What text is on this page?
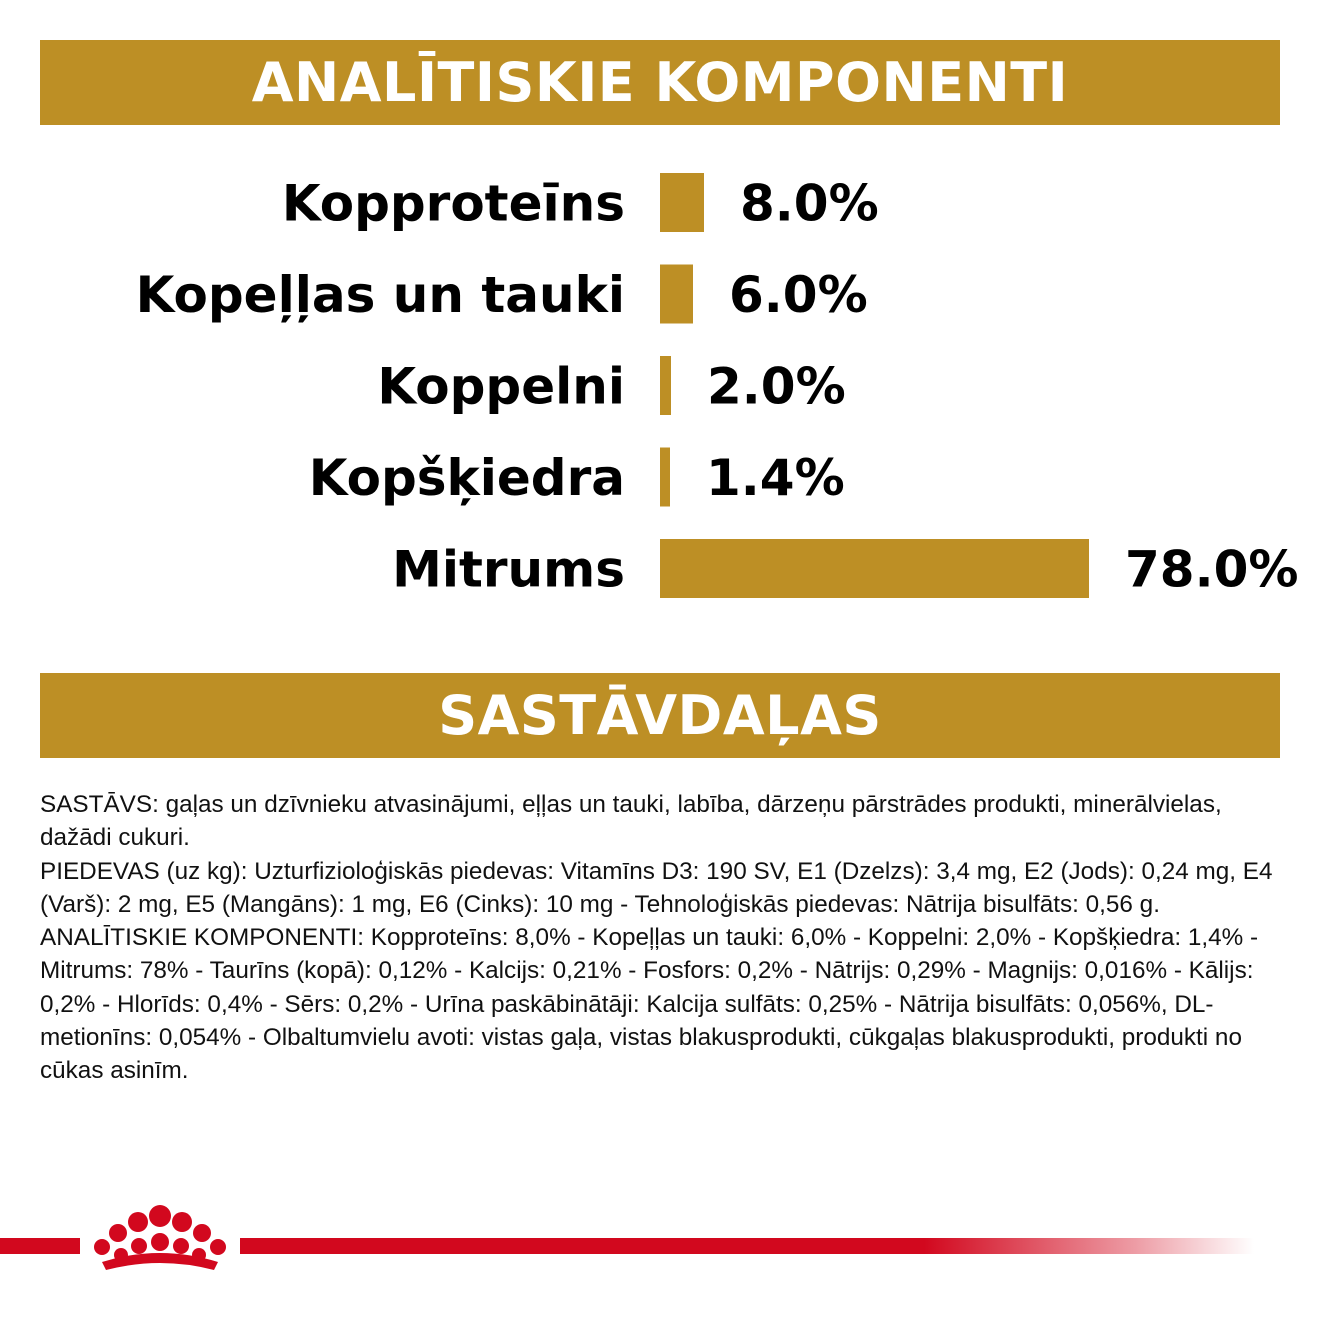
ANALĪTISKIE KOMPONENTI
Kopproteīns 8.0%
Kopeļļas un tauki 6.0%
Koppelni 2.0%
Kopšķiedra 1.4%
Mitrums	78.0%
SASTĀVDAĻAS

SASTĀVS: gaļas un dzīvnieku atvasinājumi, eļļas un tauki, labība, dārzeņu pārstrādes produkti, minerālvielas, dažādi cukuri.

PIEDEVAS (uz kg): Uzturfizioloģiskās piedevas: Vitamīns D3: 190 SV, E1 (Dzelzs): 3,4 mg, E2 (Jods): 0,24 mg, E4 (Varš): 2 mg, E5 (Mangāns): 1 mg, E6 (Cinks): 10 mg - Tehnoloģiskās piedevas: Nātrija bisulfāts: 0,56 g.

ANALĪTISKIE KOMPONENTI: Kopproteīns: 8,0% - Kopeļļas un tauki: 6,0% - Koppelni: 2,0% - Kopšķiedra: 1,4% - Mitrums: 78% - Taurīns (kopā): 0,12% - Kalcijs: 0,21% - Fosfors: 0,2% - Nātrijs: 0,29% - Magnijs: 0,016% - Kālijs: 0,2% - Hlorīds: 0,4% - Sērs: 0,2% - Urīna paskābinātāji: Kalcija sulfāts: 0,25% - Nātrija bisulfāts: 0,056%, DL-metionīns: 0,054% - Olbaltumvielu avoti: vistas gaļa, vistas blakusprodukti, cūkgaļas blakusprodukti, produkti no cūkas asinīm.
